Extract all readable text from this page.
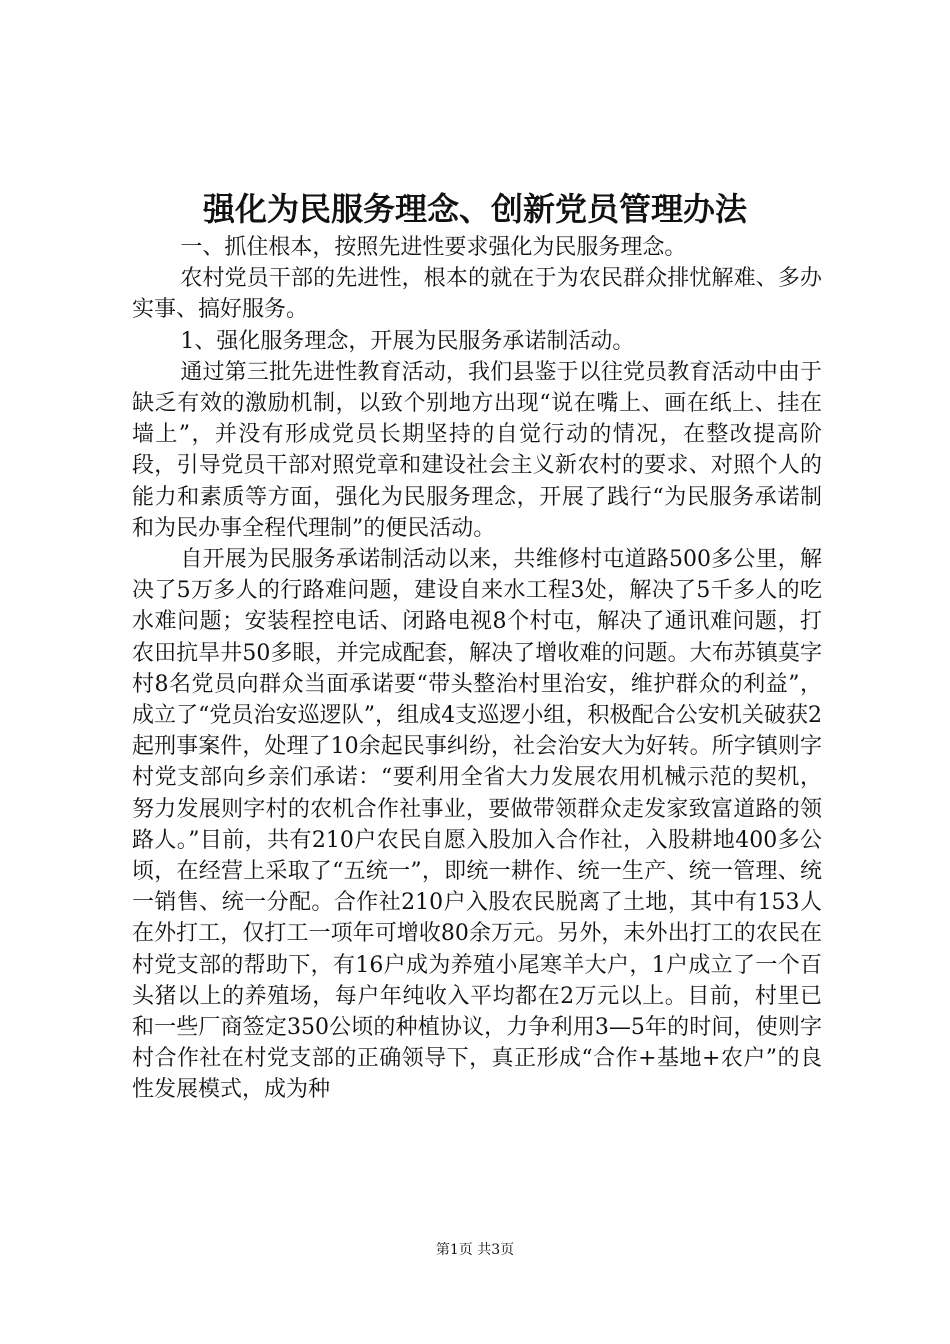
强化为民服务理念、创新党员管理办法

一、抓住根本，按照先进性要求强化为民服务理念。

农村党员干部的先进性，根本的就在于为农民群众排忧解难、多办实事、搞好服务。

1、强化服务理念，开展为民服务承诺制活动。

通过第三批先进性教育活动，我们县鉴于以往党员教育活动中由于缺乏有效的激励机制，以致个别地方出现“说在嘴上、画在纸上、挂在墙上”，并没有形成党员长期坚持的自觉行动的情况，在整改提高阶段，引导党员干部对照党章和建设社会主义新农村的要求、对照个人的能力和素质等方面，强化为民服务理念，开展了践行“为民服务承诺制和为民办事全程代理制”的便民活动。

自开展为民服务承诺制活动以来，共维修村屯道路500多公里，解决了5万多人的行路难问题，建设自来水工程3处，解决了5千多人的吃水难问题；安装程控电话、闭路电视8个村屯，解决了通讯难问题，打农田抗旱井50多眼，并完成配套，解决了增收难的问题。大布苏镇莫字村8名党员向群众当面承诺要“带头整治村里治安，维护群众的利益”，成立了“党员治安巡逻队”，组成4支巡逻小组，积极配合公安机关破获2起刑事案件，处理了10余起民事纠纷，社会治安大为好转。所字镇则字村党支部向乡亲们承诺：“要利用全省大力发展农用机械示范的契机，努力发展则字村的农机合作社事业，要做带领群众走发家致富道路的领路人。”目前，共有210户农民自愿入股加入合作社，入股耕地400多公顷，在经营上采取了“五统一”，即统一耕作、统一生产、统一管理、统一销售、统一分配。合作社210户入股农民脱离了土地，其中有153人在外打工，仅打工一项年可增收80余万元。另外，未外出打工的农民在村党支部的帮助下，有16户成为养殖小尾寒羊大户，1户成立了一个百头猪以上的养殖场，每户年纯收入平均都在2万元以上。目前，村里已和一些厂商签定350公顷的种植协议，力争利用3—5年的时间，使则字村合作社在村党支部的正确领导下，真正形成“合作+基地+农户”的良性发展模式，成为种

第1页 共3页
